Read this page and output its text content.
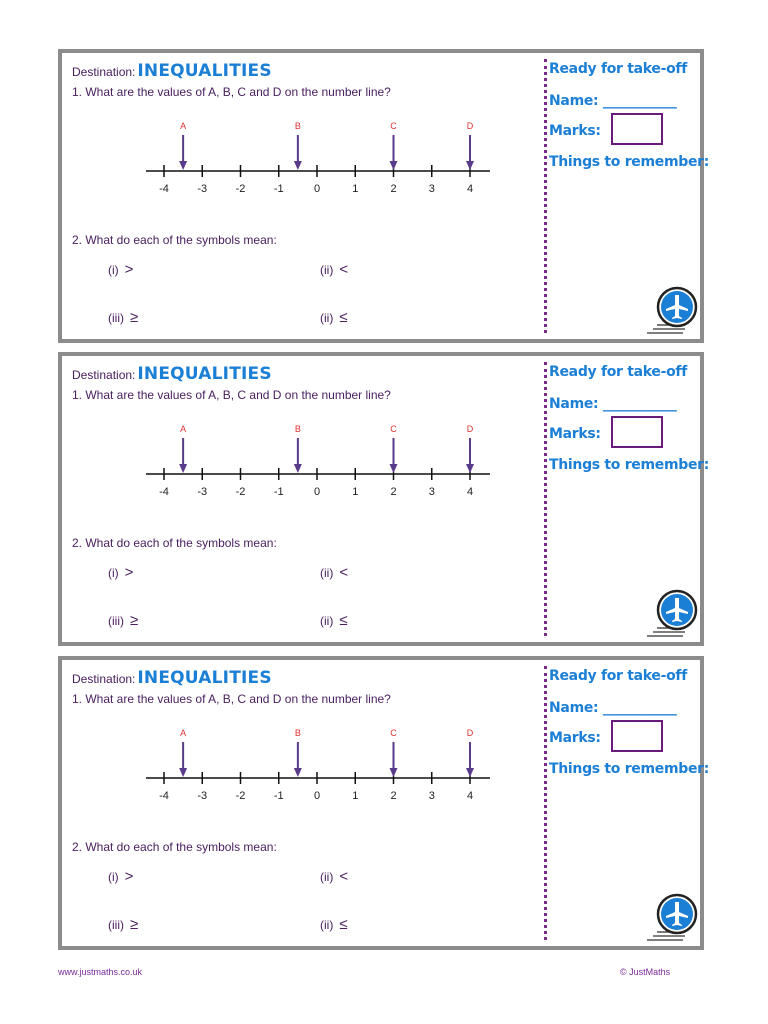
Destination: INEQUALITIES
1. What are the values of A, B, C and D on the number line?
-4	-3	-2	-1	0	1	2	3	4
A	B	C	D
2. What do each of the symbols mean:
(i) >	(ii) <
(iii) ≥	(ii) ≤
Ready for take-off
Name: ___________
Marks:
Things to remember:
Destination: INEQUALITIES
1. What are the values of A, B, C and D on the number line?
-4	-3	-2	-1	0	1	2	3	4
A	B	C	D
2. What do each of the symbols mean:
(i) >	(ii) <
(iii) ≥	(ii) ≤
Ready for take-off
Name: ___________
Marks:
Things to remember:
Destination: INEQUALITIES
1. What are the values of A, B, C and D on the number line?
-4	-3	-2	-1	0	1	2	3	4
A	B	C	D
2. What do each of the symbols mean:
(i) >	(ii) <
(iii) ≥	(ii) ≤
Ready for take-off
Name: ___________
Marks:
Things to remember:
www.justmaths.co.uk	© JustMaths
